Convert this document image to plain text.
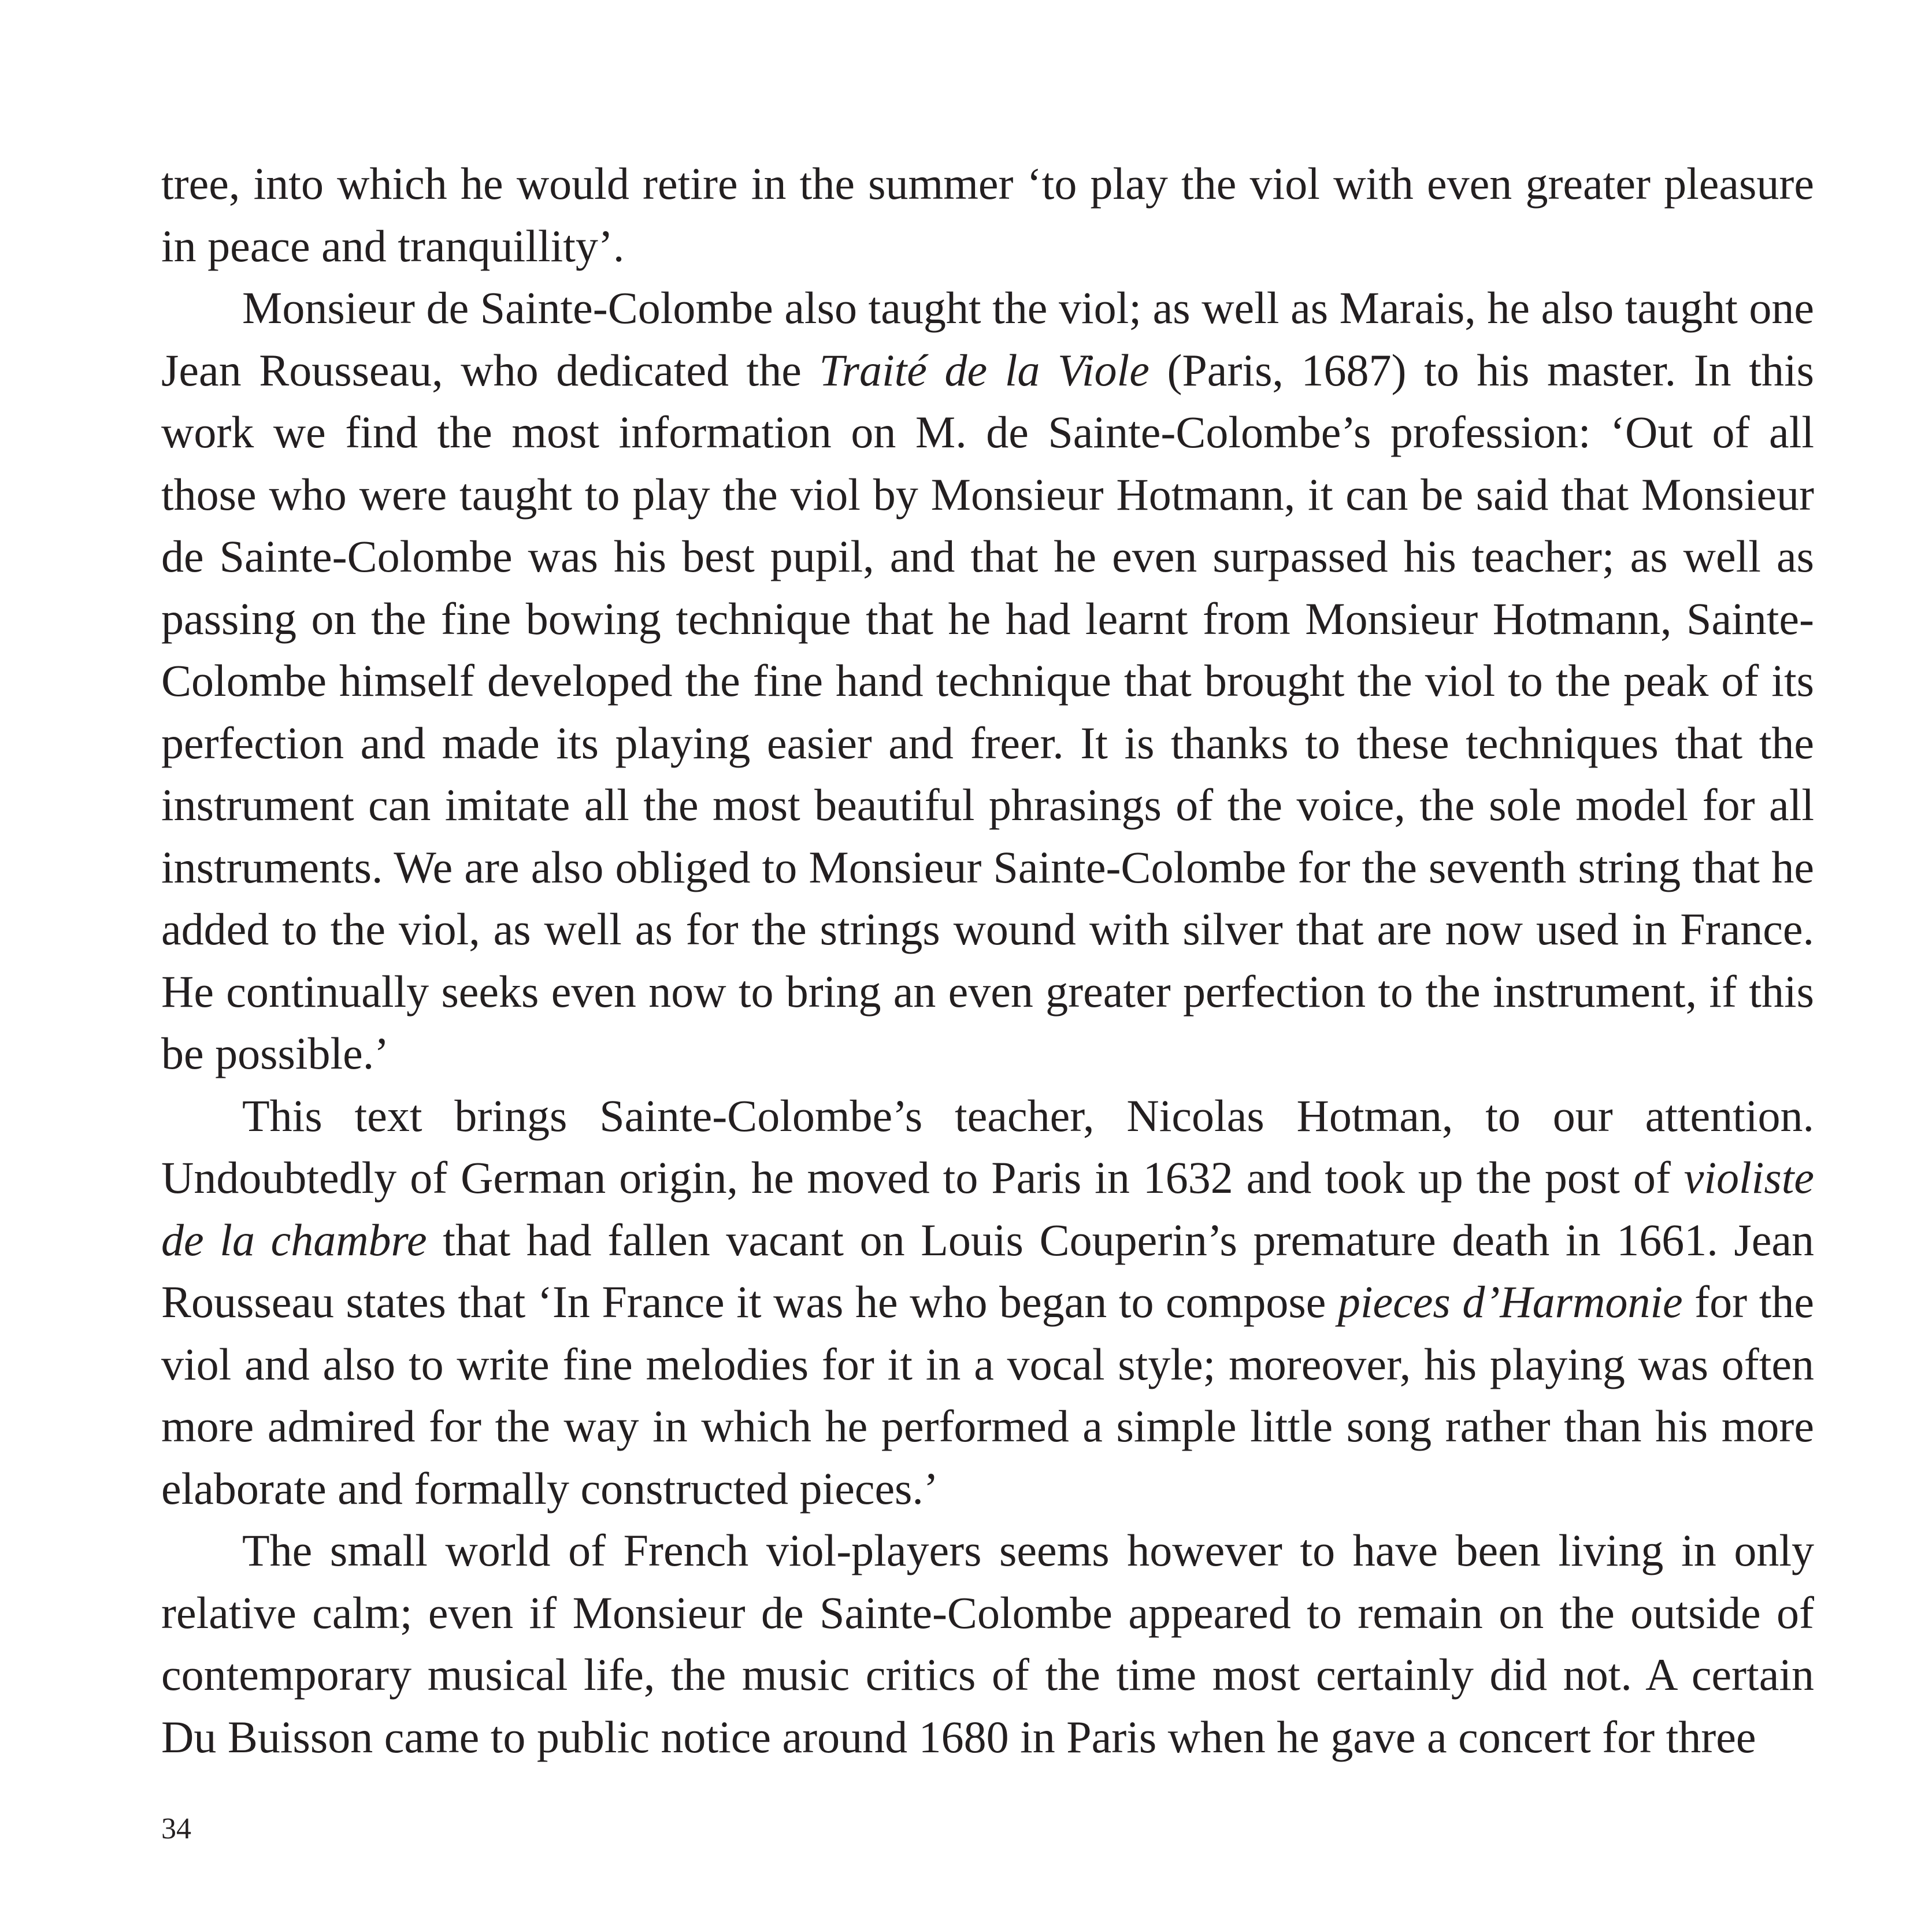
tree, into which he would retire in the summer ‘to play the viol with even greater pleasure in peace and tranquillity’.

Monsieur de Sainte-Colombe also taught the viol; as well as Marais, he also taught one Jean Rousseau, who dedicated the Traité de la Viole (Paris, 1687) to his master. In this work we find the most information on M. de Sainte-Colombe’s profession: ‘Out of all those who were taught to play the viol by Monsieur Hotmann, it can be said that Monsieur de Sainte-Colombe was his best pupil, and that he even surpassed his teacher; as well as passing on the fine bowing technique that he had learnt from Monsieur Hotmann, Sainte-Colombe himself developed the fine hand technique that brought the viol to the peak of its perfection and made its playing easier and freer. It is thanks to these techniques that the instrument can imitate all the most beautiful phrasings of the voice, the sole model for all instruments. We are also obliged to Monsieur Sainte-Colombe for the seventh string that he added to the viol, as well as for the strings wound with silver that are now used in France. He continually seeks even now to bring an even greater perfection to the instrument, if this be possible.’

This text brings Sainte-Colombe’s teacher, Nicolas Hotman, to our attention. Undoubtedly of German origin, he moved to Paris in 1632 and took up the post of violiste de la chambre that had fallen vacant on Louis Couperin’s premature death in 1661. Jean Rousseau states that ‘In France it was he who began to compose pieces d’Harmonie for the viol and also to write fine melodies for it in a vocal style; moreover, his playing was often more admired for the way in which he performed a simple little song rather than his more elaborate and formally constructed pieces.’

The small world of French viol-players seems however to have been living in only relative calm; even if Monsieur de Sainte-Colombe appeared to remain on the outside of contemporary musical life, the music critics of the time most certainly did not. A certain Du Buisson came to public notice around 1680 in Paris when he gave a concert for three

34
